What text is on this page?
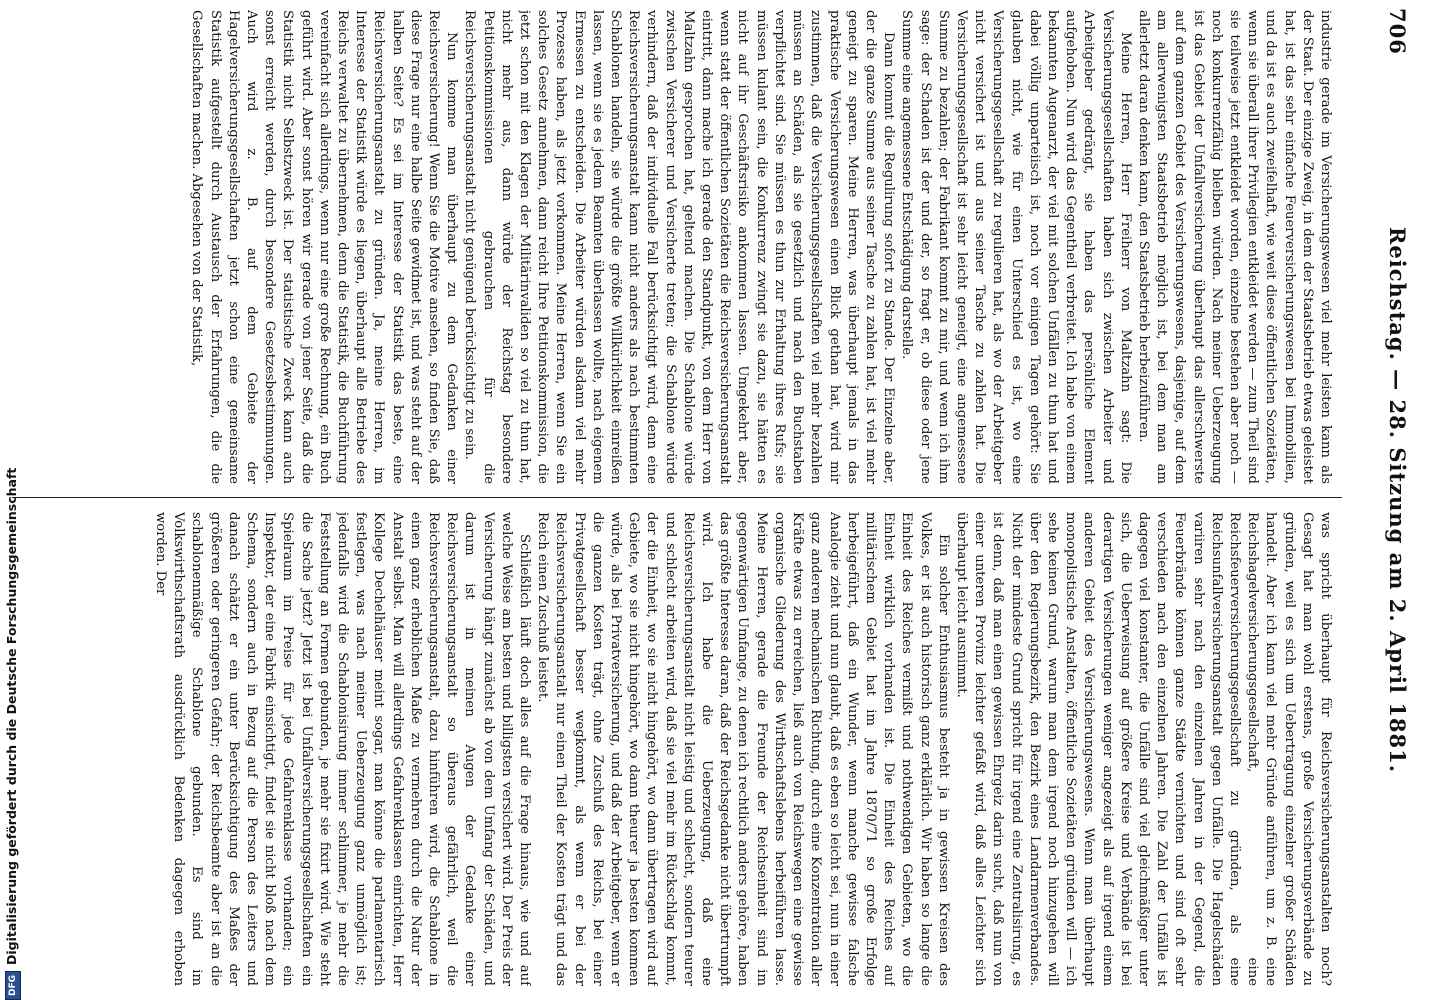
706
Reichstag. — 28. Sitzung am 2. April 1881.

industrie gerade im Versicherungswesen viel mehr leisten kann als der Staat. Der einzige Zweig, in dem der Staatsbetrieb etwas geleistet hat, ist das sehr einfache Feuerversicherungswesen bei Immobilien, und da ist es auch zweifelhaft, wie weit diese öffentlichen Sozietäten, wenn sie überall ihrer Privilegien entkleidet werden — zum Theil sind sie teilweise jetzt entkleidet worden, einzelne bestehen aber noch — noch konkurrenzfähig bleiben würden. Nach meiner Ueberzeugung ist das Gebiet der Unfallversicherung überhaupt das allerschwerste auf dem ganzen Gebiet des Versicherungswesens, dasjenige, auf dem am allerwenigsten Staatsbetrieb möglich ist, bei dem man am allerletzt daran denken kann, den Staatsbetrieb herbeizuführen.

Meine Herren, Herr Freiherr von Maltzahn sagt: Die Versicherungsgesellschaften haben sich zwischen Arbeiter und Arbeitgeber gedrängt, sie haben das persönliche Element aufgehoben. Nun wird das Gegentheil verbreitet. Ich habe von einem bekannten Augenarzt, der viel mit solchen Unfällen zu thun hat und dabei völlig unparteiisch ist, noch vor einigen Tagen gehört: Sie glauben nicht, wie für einen Unterschied es ist, wo eine Versicherungsgesellschaft zu regulieren hat, als wo der Arbeitgeber nicht versichert ist und aus seiner Tasche zu zahlen hat. Die Versicherungsgesellschaft ist sehr leicht geneigt, eine angemessene Summe zu bezahlen; der Fabrikant kommt zu mir, und wenn ich ihm sage: der Schaden ist der und der, so fragt er, ob diese oder jene Summe eine angemessene Entschädigung darstelle.

Dann kommt die Regulirung sofort zu Stande. Der Einzelne aber, der die ganze Summe aus seiner Tasche zu zahlen hat, ist viel mehr geneigt zu sparen. Meine Herren, was überhaupt jemals in das praktische Versicherungswesen einen Blick gethan hat, wird mir zustimmen, daß die Versicherungsgesellschaften viel mehr bezahlen müssen an Schäden, als sie gesetzlich und nach den Buchstaben verpflichtet sind. Sie müssen es thun zur Erhaltung ihres Rufs; sie müssen kulant sein, die Konkurrenz zwingt sie dazu, sie hätten es nicht auf ihr Geschäftsrisiko ankommen lassen. Umgekehrt aber, wenn statt der öffentlichen Sozietäten die Reichsversicherungsanstalt eintritt, dann mache ich gerade den Standpunkt, von dem Herr von Maltzahn gesprochen hat, geltend machen. Die Schablone würde zwischen Versicherer und Versicherte treten; die Schablone würde verhindern, daß der individuelle Fall berücksichtigt wird, denn eine Reichsversicherungsanstalt kann nicht anders als nach bestimmten Schablonen handeln, sie würde die größte Willkürlichkeit einreißen lassen, wenn sie es jedem Beamten überlassen wollte, nach eigenem Ermessen zu entscheiden. Die Arbeiter würden alsdann viel mehr Prozesse haben, als jetzt vorkommen. Meine Herren, wenn Sie ein solches Gesetz annehmen, dann reicht Ihre Petitionskommission, die jetzt schon mit den Klagen der Militärinvaliden so viel zu thun hat, nicht mehr aus, dann würde der Reichstag besondere Petitionskommissionen gebrauchen für die Reichsversicherungsanstalt nicht genügend berücksichtigt zu sein.

Nun komme man überhaupt zu dem Gedanken einer Reichsversicherung! Wenn Sie die Motive ansehen, so finden Sie, daß diese Frage nur eine halbe Seite gewidmet ist, und was steht auf der halben Seite? Es sei im Interesse der Statistik das beste, eine Reichsversicherungsanstalt zu gründen. Ja, meine Herren, im Interesse der Statistik würde es liegen, überhaupt alle Betriebe des Reichs verwaltet zu übernehmen, denn die Statistik, die Buchführung vereinfacht sich allerdings, wenn nur eine große Rechnung, ein Buch geführt wird. Aber sonst hören wir gerade von jener Seite, daß die Statistik nicht Selbstzweck ist. Der statistische Zweck kann auch sonst erreicht werden, durch besondere Gesetzesbestimmungen. Auch wird z. B. auf dem Gebiete der Hagelversicherungsgesellschaften jetzt schon eine gemeinsame Statistik aufgestellt durch Austausch der Erfahrungen, die die Gesellschaften machen. Abgesehen von der Statistik,

was spricht überhaupt für Reichsversicherungsanstalten noch? Gesagt hat man wohl erstens, große Versicherungsverbände zu gründen, weil es sich um Uebertragung einzelner großer Schäden handelt. Aber ich kann viel mehr Gründe anführen, um z. B. eine Reichshagelversicherungsgesellschaft, eine Reichsfeuerversicherungsgesellschaft zu gründen, als eine Reichsunfallversicherungsanstalt gegen Unfälle. Die Hagelschäden variiren sehr nach den einzelnen Jahren in der Gegend, die Feuerbrände können ganze Städte vernichten und sind oft sehr verschieden nach den einzelnen Jahren. Die Zahl der Unfälle ist dagegen viel konstanter, die Unfälle sind viel gleichmäßiger unter sich, die Ueberweisung auf größere Kreise und Verbände ist bei derartigen Versicherungen weniger angezeigt als auf irgend einem anderen Gebiet des Versicherungswesens. Wenn man überhaupt monopolistische Anstalten, öffentliche Sozietäten gründen will — ich sehe keinen Grund, warum man dem irgend noch hinzugehen will über den Regierungsbezirk, den Bezirk eines Landarmenverbandes. Nicht der mindeste Grund spricht für irgend eine Zentralisirung, es ist denn, daß man einen gewissen Ehrgeiz darin sucht, daß nun von einer unteren Provinz leichter gefaßt wird, daß alles Leichter sich überhaupt leicht ausnimmt.

Ein solcher Enthusiasmus besteht ja in gewissen Kreisen des Volkes, er ist auch historisch ganz erklärlich. Wir haben so lange die Einheit des Reiches vermißt und nothwendigen Gebieten, wo die Einheit wirklich vorhanden ist. Die Einheit des Reiches auf militärischem Gebiet hat im Jahre 1870/71 so große Erfolge herbeigeführt, daß ein Wunder, wenn manche gewisse falsche Analogie zieht und nun glaubt, daß es eben so leicht sei, nun in einer ganz anderen mechanischen Richtung, durch eine Konzentration aller Kräfte etwas zu erreichen, ließ auch von Reichswegen eine gewisse organische Gliederung des Wirthschaftslebens herbeiführen lasse. Meine Herren, gerade die Freunde der Reichseinheit sind im gegenwärtigen Umfange, zu denen ich rechtlich anders gehöre, haben das größte Interesse daran, daß der Reichsgedanke nicht übertrumpft wird. Ich habe die Ueberzeugung, daß eine Reichsversicherungsanstalt nicht leistig und schlecht, sondern teurer und schlecht arbeiten wird, daß sie viel mehr im Rückschlag kommt, der die Einheit, wo sie nicht hingehört, wo dann übertragen wird auf Gebiete, wo sie nicht hingehört, wo dann theurer ja besten kommen würde, als bei Privatversicherung, und daß der Arbeitgeber, wenn er die ganzen Kosten trägt, ohne Zuschuß des Reichs, bei einer Privatgesellschaft besser wegkommt, als wenn er bei der Reichsversicherungsanstalt nur einen Theil der Kosten trägt und das Reich einen Zuschuß leistet.

Schließlich läuft doch alles auf die Frage hinaus, wie und auf welche Weise am besten und billigsten versichert wird. Der Preis der Versicherung hängt zunächst ab von dem Umfang der Schäden, und darum ist in meinen Augen der Gedanke einer Reichsversicherungsanstalt so überaus gefährlich, weil die Reichsversicherungsanstalt, dazu hinführen wird, die Schablone in einen ganz erheblichen Maße zu vermehren durch die Natur der Anstalt selbst. Man will allerdings Gefahrenklassen einrichten, Herr Kollege Dechelhäuser meint sogar, man könne die parlamentarisch festlegen, was nach meiner Ueberzeugung ganz unmöglich ist; jedenfalls wird die Schablonisirung immer schlimmer, je mehr die Feststellung an Formen gebunden, je mehr sie fixirt wird. Wie steht die Sache jetzt? Jetzt ist bei Unfallversicherungsgesellschaften ein Spielraum im Preise für jede Gefahrenklasse vorhanden; ein Inspektor, der eine Fabrik einsichtigt, findet sie nicht bloß nach dem Schema, sondern auch in Bezug auf die Person des Leiters und danach schätzt er ein unter Berücksichtigung des Maßes der größeren oder geringeren Gefahr; der Reichsbeamte aber ist an die schablonenmäßige Schablone gebunden. Es sind im Volkswirthschaftsrath ausdrücklich Bedenken dagegen erhoben worden. Der

DFGDigitalisierung gefördert durch die Deutsche Forschungsgemeinschaft
